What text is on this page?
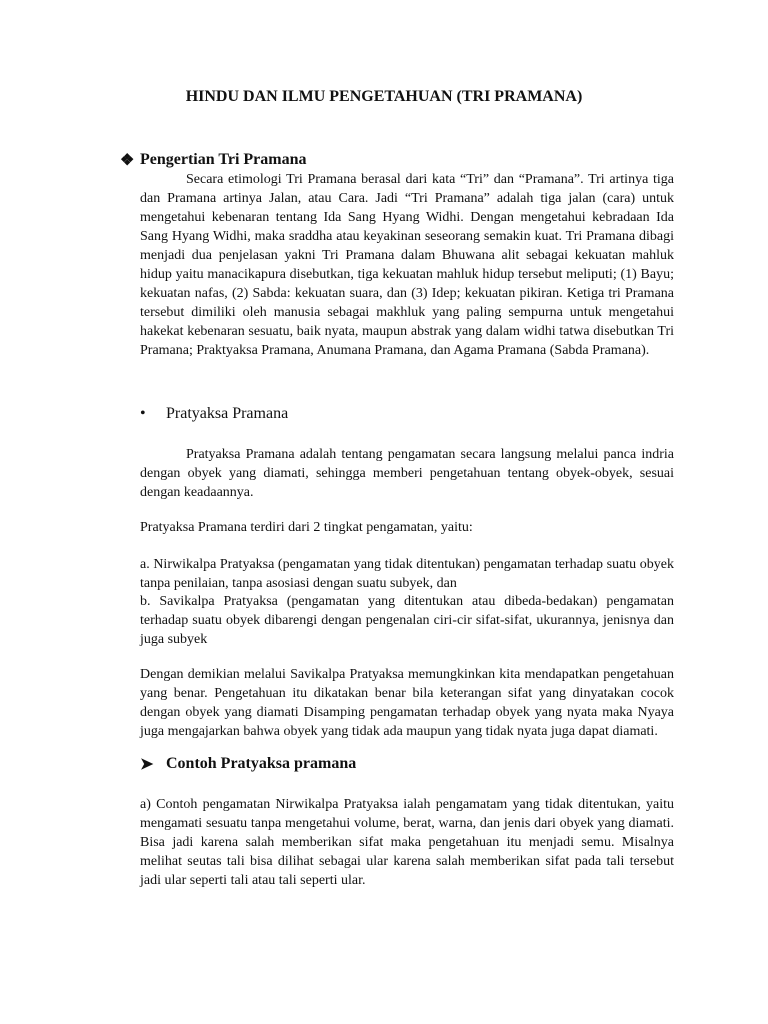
HINDU DAN ILMU PENGETAHUAN (TRI PRAMANA)
❖ Pengertian Tri Pramana
Secara etimologi Tri Pramana berasal dari kata “Tri” dan “Pramana”. Tri artinya tiga dan Pramana artinya Jalan, atau Cara. Jadi “Tri Pramana” adalah tiga jalan (cara) untuk mengetahui kebenaran tentang Ida Sang Hyang Widhi. Dengan mengetahui kebradaan Ida Sang Hyang Widhi, maka sraddha atau keyakinan seseorang semakin kuat. Tri Pramana dibagi menjadi dua penjelasan yakni Tri Pramana dalam Bhuwana alit sebagai kekuatan mahluk hidup yaitu manacikapura disebutkan, tiga kekuatan mahluk hidup tersebut meliputi; (1) Bayu; kekuatan nafas, (2) Sabda: kekuatan suara, dan (3) Idep; kekuatan pikiran. Ketiga tri Pramana tersebut dimiliki oleh manusia sebagai makhluk yang paling sempurna untuk mengetahui hakekat kebenaran sesuatu, baik nyata, maupun abstrak yang dalam widhi tatwa disebutkan Tri Pramana; Praktyaksa Pramana, Anumana Pramana, dan Agama Pramana (Sabda Pramana).
•	Pratyaksa Pramana
Pratyaksa Pramana adalah tentang pengamatan secara langsung melalui panca indria dengan obyek yang diamati, sehingga memberi pengetahuan tentang obyek-obyek, sesuai dengan keadaannya.
Pratyaksa Pramana terdiri dari 2 tingkat pengamatan, yaitu:
a. Nirwikalpa Pratyaksa (pengamatan yang tidak ditentukan) pengamatan terhadap suatu obyek tanpa penilaian, tanpa asosiasi dengan suatu subyek, dan
b. Savikalpa Pratyaksa (pengamatan yang ditentukan atau dibeda-bedakan) pengamatan terhadap suatu obyek dibarengi dengan pengenalan ciri-cir sifat-sifat, ukurannya, jenisnya dan juga subyek
Dengan demikian melalui Savikalpa Pratyaksa memungkinkan kita mendapatkan pengetahuan yang benar. Pengetahuan itu dikatakan benar bila keterangan sifat yang dinyatakan cocok dengan obyek yang diamati Disamping pengamatan terhadap obyek yang nyata maka Nyaya juga mengajarkan bahwa obyek yang tidak ada maupun yang tidak nyata juga dapat diamati.
➤ Contoh Pratyaksa pramana
a) Contoh pengamatan Nirwikalpa Pratyaksa ialah pengamatam yang tidak ditentukan, yaitu mengamati sesuatu tanpa mengetahui volume, berat, warna, dan jenis dari obyek yang diamati. Bisa jadi karena salah memberikan sifat maka pengetahuan itu menjadi semu. Misalnya melihat seutas tali bisa dilihat sebagai ular karena salah memberikan sifat pada tali tersebut jadi ular seperti tali atau tali seperti ular.
